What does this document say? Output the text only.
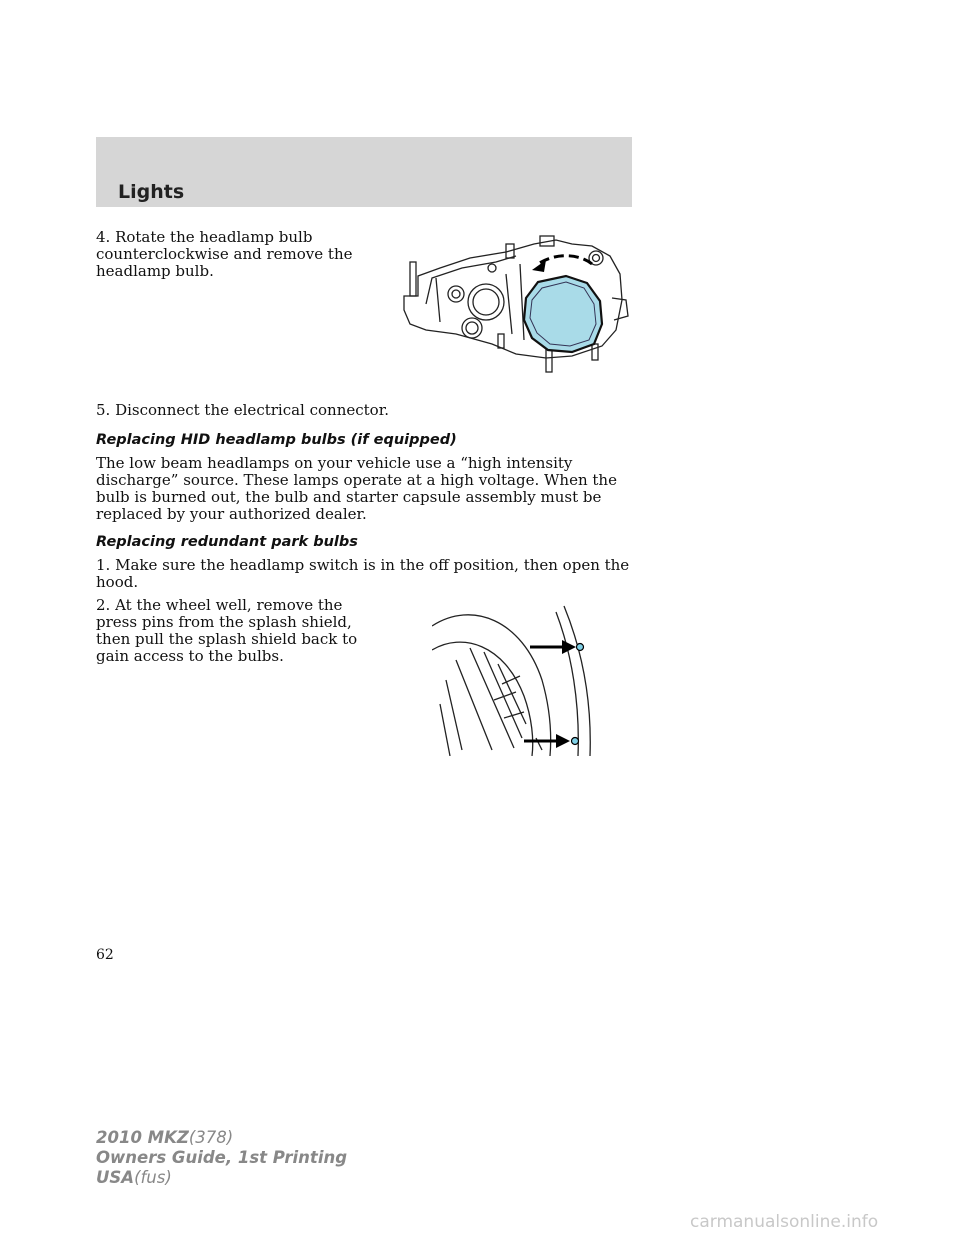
Lights

4. Rotate the headlamp bulb counterclockwise and remove the headlamp bulb.

5. Disconnect the electrical connector.

Replacing HID headlamp bulbs (if equipped)

The low beam headlamps on your vehicle use a “high intensity discharge” source. These lamps operate at a high voltage. When the bulb is burned out, the bulb and starter capsule assembly must be replaced by your authorized dealer.

Replacing redundant park bulbs

1. Make sure the headlamp switch is in the off position, then open the hood.

2. At the wheel well, remove the press pins from the splash shield, then pull the splash shield back to gain access to the bulbs.

62
2010 MKZ(378)
Owners Guide, 1st Printing
USA(fus)
carmanualsonline.info
